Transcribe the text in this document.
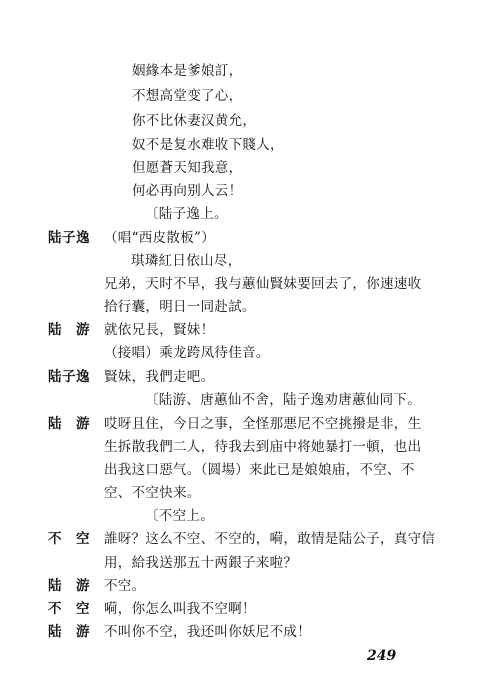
姻緣本是爹娘訂，
不想高堂变了心，
你不比休妻汉黄允，
奴不是复水难收下賤人，
但愿蒼天知我意，
何必再向别人云！
〔陆子逸上。
陆子逸 （唱“西皮散板”）
琪璘紅日依山尽，
兄弟，天时不早，我与蕙仙賢妹要回去了，你速速收
拾行囊，明日一同赴試。
陆　游 就依兄長，賢妹！
（接唱）乘龙跨凤待佳音。
陆子逸 賢妹，我們走吧。
〔陆游、唐蕙仙不舍，陆子逸劝唐蕙仙同下。
陆　游 哎呀且住，今日之事，全怪那悪尼不空挑撥是非，生
生拆散我們二人，待我去到庙中将她暴打一頓，也出
出我这口惡气。（圆場）来此已是娘娘庙，不空、不
空、不空快来。
〔不空上。
不　空 誰呀？这么不空、不空的，嗬，敢情是陆公子，真守信
用，給我送那五十两銀子来啦？
陆　游 不空。
不　空 嗬，你怎么叫我不空啊！
陆　游 不叫你不空，我还叫你妖尼不成！
249
